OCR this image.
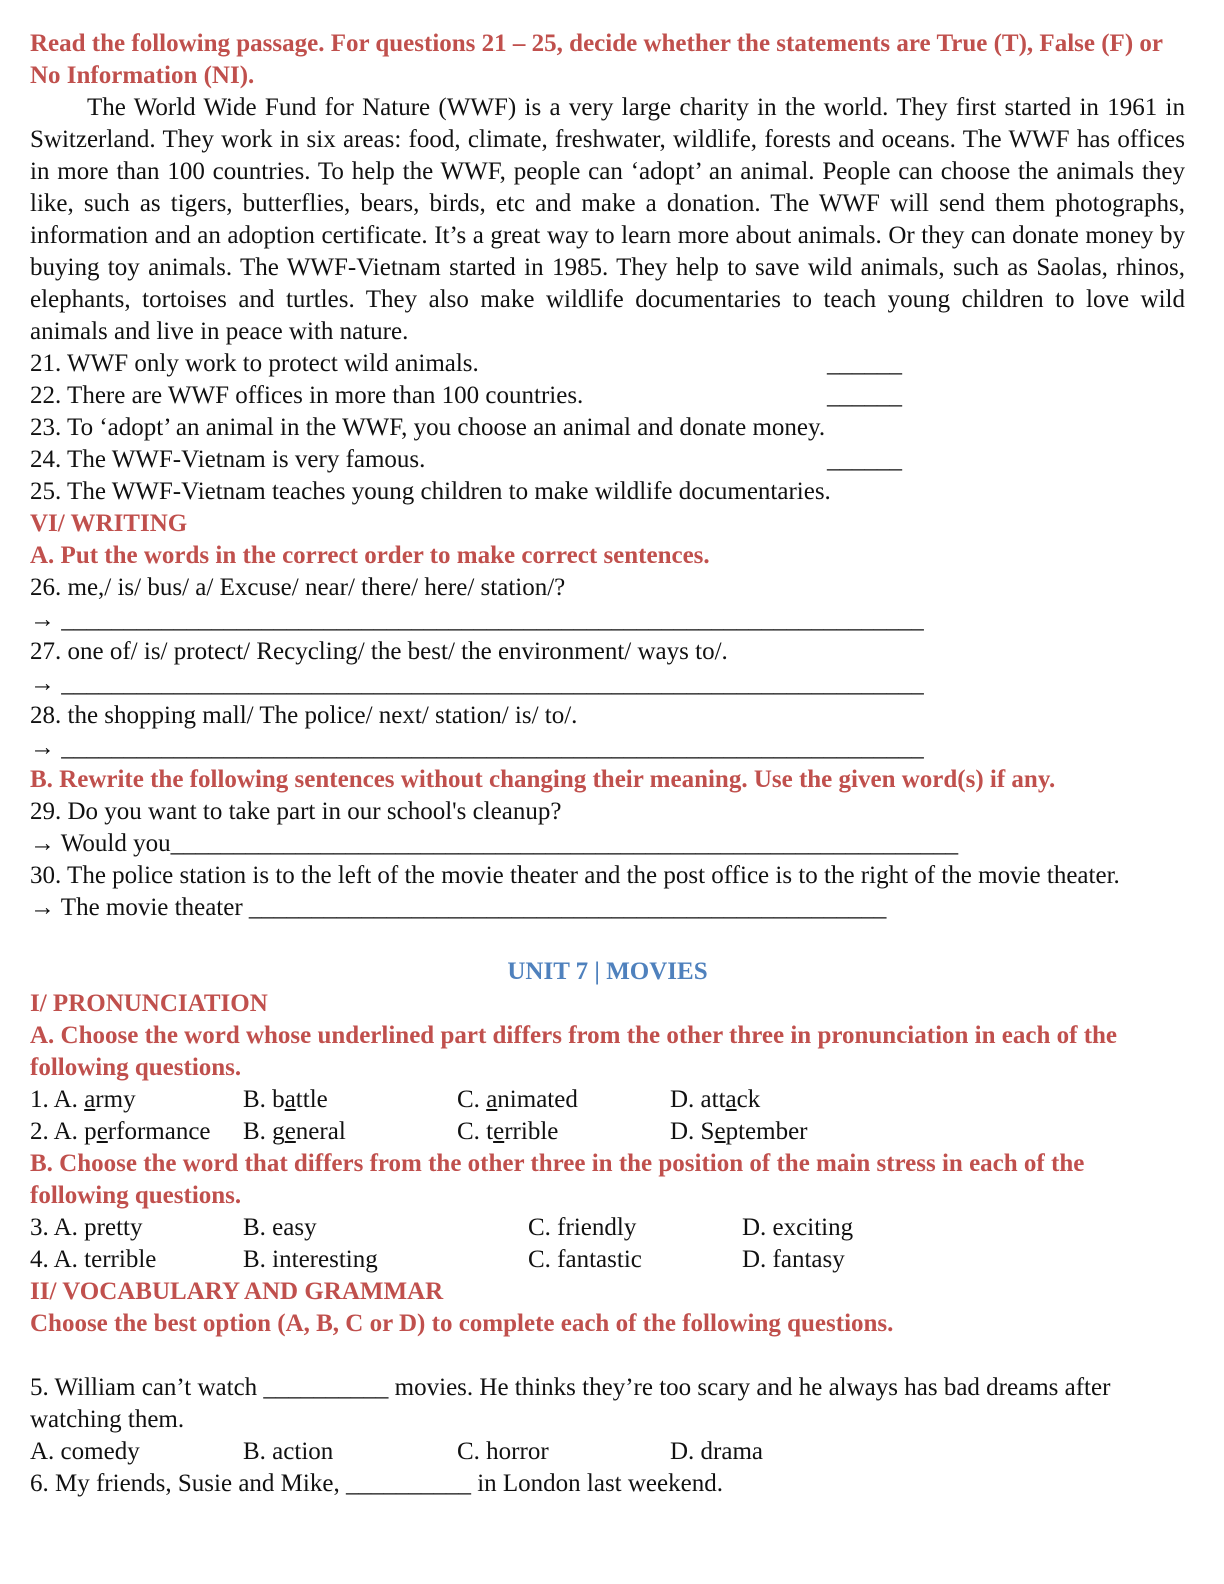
Read the following passage. For questions 21 – 25, decide whether the statements are True (T), False (F) or No Information (NI).

The World Wide Fund for Nature (WWF) is a very large charity in the world. They first started in 1961 in Switzerland. They work in six areas: food, climate, freshwater, wildlife, forests and oceans. The WWF has offices in more than 100 countries. To help the WWF, people can ‘adopt’ an animal. People can choose the animals they like, such as tigers, butterflies, bears, birds, etc and make a donation. The WWF will send them photographs, information and an adoption certificate. It’s a great way to learn more about animals. Or they can donate money by buying toy animals. The WWF-Vietnam started in 1985. They help to save wild animals, such as Saolas, rhinos, elephants, tortoises and turtles. They also make wildlife documentaries to teach young children to love wild animals and live in peace with nature.

21. WWF only work to protect wild animals.	______
22. There are WWF offices in more than 100 countries.	______
23. To ‘adopt’ an animal in the WWF, you choose an animal and donate money.
24. The WWF-Vietnam is very famous.	______
25. The WWF-Vietnam teaches young children to make wildlife documentaries.

VI/ WRITING

A. Put the words in the correct order to make correct sentences.

26. me,/ is/ bus/ a/ Excuse/ near/ there/ here/ station/?

→ _____________________________________________________________________

27. one of/ is/ protect/ Recycling/ the best/ the environment/ ways to/.

→ _____________________________________________________________________

28. the shopping mall/ The police/ next/ station/ is/ to/.

→ _____________________________________________________________________

B. Rewrite the following sentences without changing their meaning. Use the given word(s) if any.

29. Do you want to take part in our school's cleanup?

→ Would you_______________________________________________________________

30. The police station is to the left of the movie theater and the post office is to the right of the movie theater.

→ The movie theater ___________________________________________________

UNIT 7 | MOVIES

I/ PRONUNCIATION

A. Choose the word whose underlined part differs from the other three in pronunciation in each of the following questions.

1. A. army	B. battle	C. animated	D. attack
2. A. performance B. general	C. terrible	D. September

B. Choose the word that differs from the other three in the position of the main stress in each of the following questions.

3. A. pretty	B. easy	C. friendly	D. exciting
4. A. terrible	B. interesting	C. fantastic	D. fantasy

II/ VOCABULARY AND GRAMMAR

Choose the best option (A, B, C or D) to complete each of the following questions.

5. William can’t watch __________ movies. He thinks they’re too scary and he always has bad dreams after watching them.

A. comedy	B. action	C. horror	D. drama

6. My friends, Susie and Mike, __________ in London last weekend.
